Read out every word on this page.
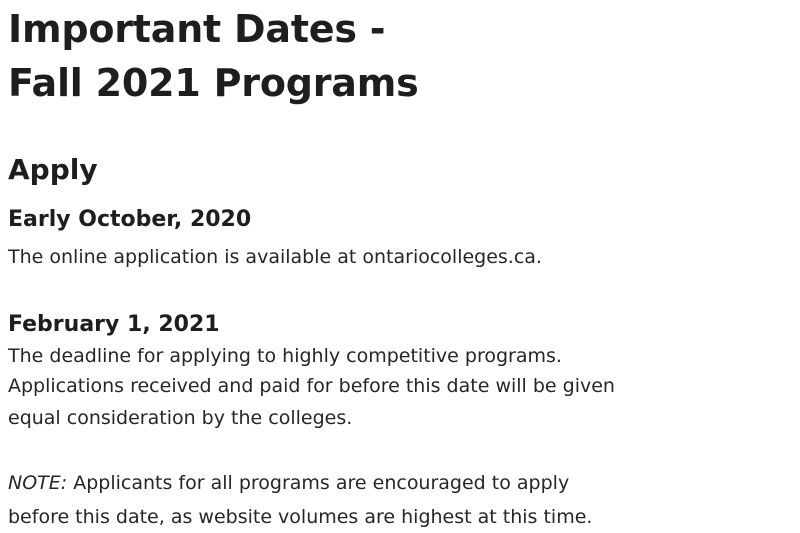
Important Dates -
Fall 2021 Programs
Apply
Early October, 2020

The online application is available at ontariocolleges.ca.

February 1, 2021

The deadline for applying to highly competitive programs.
Applications received and paid for before this date will be given
equal consideration by the colleges.

NOTE: Applicants for all programs are encouraged to apply
before this date, as website volumes are highest at this time.
